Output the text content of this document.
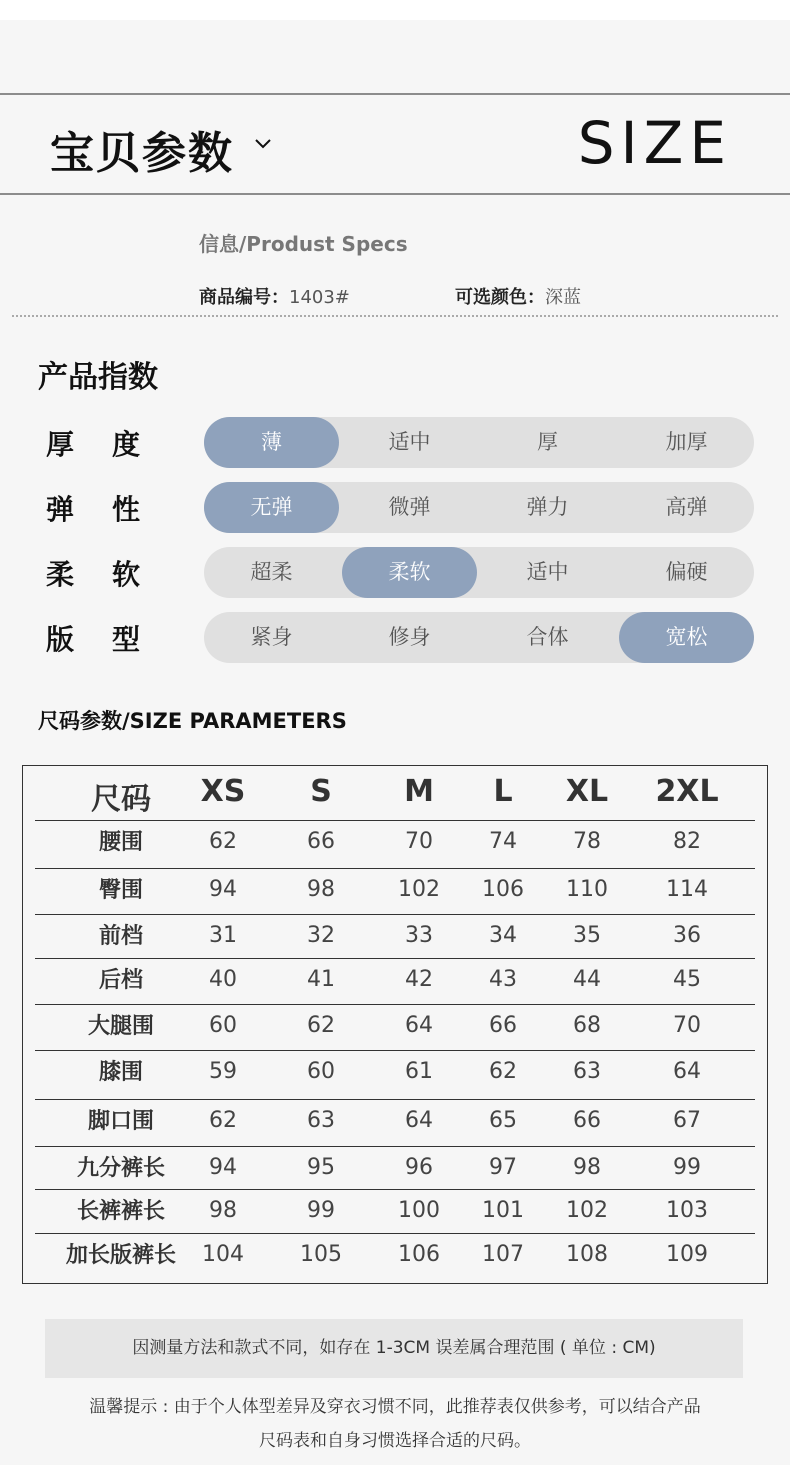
宝贝参数	SIZE
信息/Produst Specs
商品编号：1403#	可选颜色：深蓝
产品指数
厚 度	薄	适中	厚	加厚
弹 性	无弹	微弹	弹力	高弹
柔 软	超柔	柔软	适中	偏硬
版 型	紧身	修身	合体	宽松
尺码参数/SIZE PARAMETERS
尺码	XS	S	M	L	XL	2XL
腰围	62	66	70	74	78	82
臀围	94	98	102	106	110	114
前档	31	32	33	34	35	36
后档	40	41	42	43	44	45
大腿围	60	62	64	66	68	70
膝围	59	60	61	62	63	64
脚口围	62	63	64	65	66	67
九分裤长	94	95	96	97	98	99
长裤裤长	98	99	100	101	102	103
加长版裤长	104	105	106	107	108	109
因测量方法和款式不同，如存在 1-3CM 误差属合理范围 ( 单位 : CM)
温馨提示 : 由于个人体型差异及穿衣习惯不同，此推荐表仅供参考，可以结合产品
尺码表和自身习惯选择合适的尺码。
